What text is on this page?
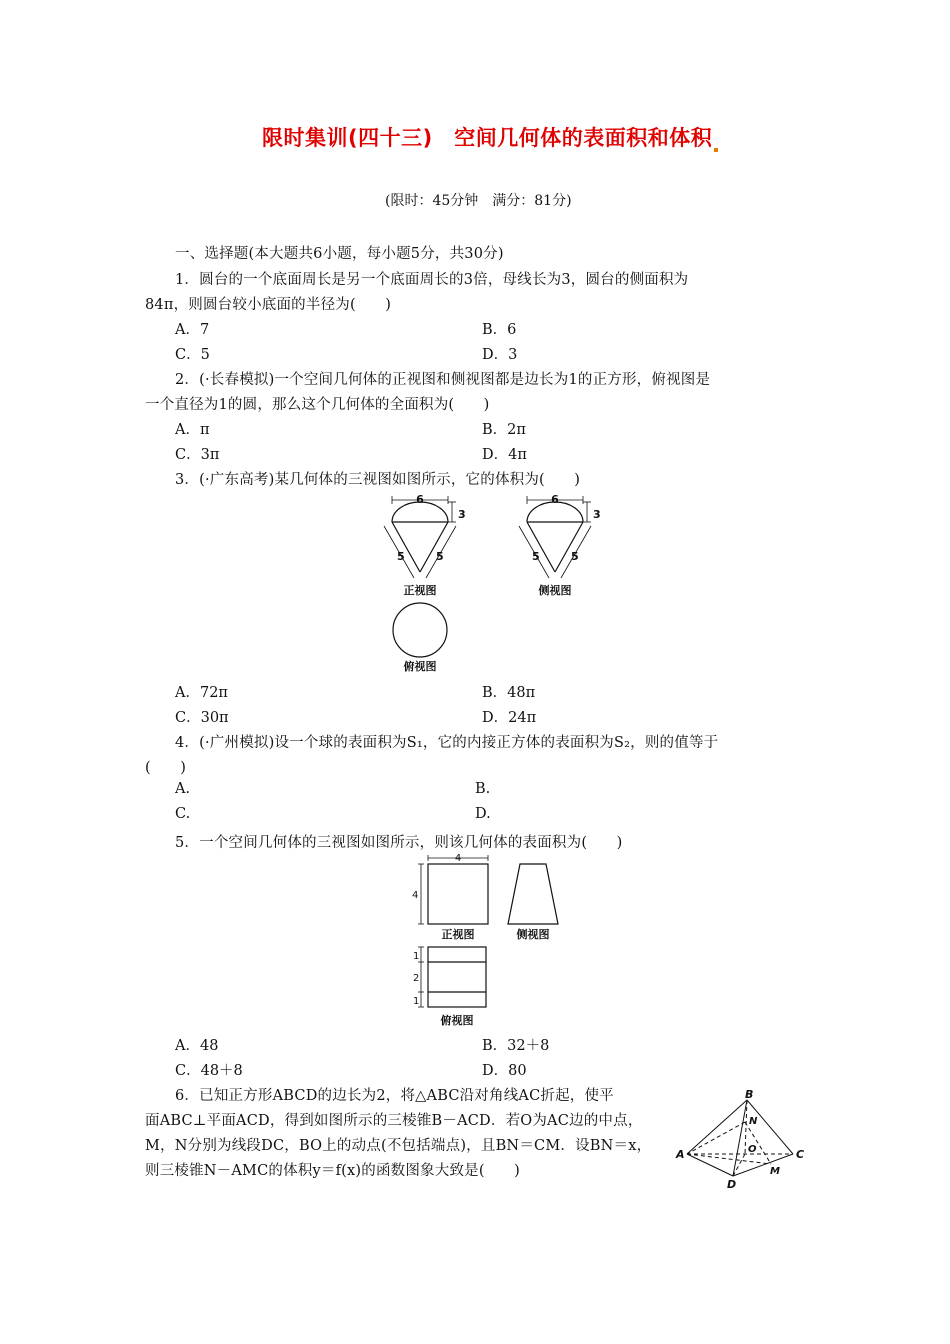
限时集训(四十三)　空间几何体的表面积和体积
(限时：45分钟　满分：81分)
一、选择题(本大题共6小题，每小题5分，共30分)
1．圆台的一个底面周长是另一个底面周长的3倍，母线长为3，圆台的侧面积为
84π，则圆台较小底面的半径为(　　)
A．7	B．6
C．5	D．3
2．(·长春模拟)一个空间几何体的正视图和侧视图都是边长为1的正方形，俯视图是
一个直径为1的圆，那么这个几何体的全面积为(　　)
A．π	B．2π
C．3π	D．4π
3．(·广东高考)某几何体的三视图如图所示，它的体积为(　　)
6
3
5	5
正视图
6
3
5	5
侧视图
俯视图
A．72π	B．48π
C．30π	D．24π
4．(·广州模拟)设一个球的表面积为S₁，它的内接正方体的表面积为S₂，则的值等于
(　　)
A.	B.
C.	D.
5．一个空间几何体的三视图如图所示，则该几何体的表面积为(　　)
4
4
正视图	侧视图
1
2
1
俯视图
A．48	B．32＋8
C．48＋8	D．80
6．已知正方形ABCD的边长为2，将△ABC沿对角线AC折起，使平
面ABC⊥平面ACD，得到如图所示的三棱锥B－ACD．若O为AC边的中点，
M，N分别为线段DC，BO上的动点(不包括端点)，且BN＝CM．设BN＝x，
则三棱锥N－AMC的体积y＝f(x)的函数图象大致是(　　)
B
N
O
A	C
M
D
